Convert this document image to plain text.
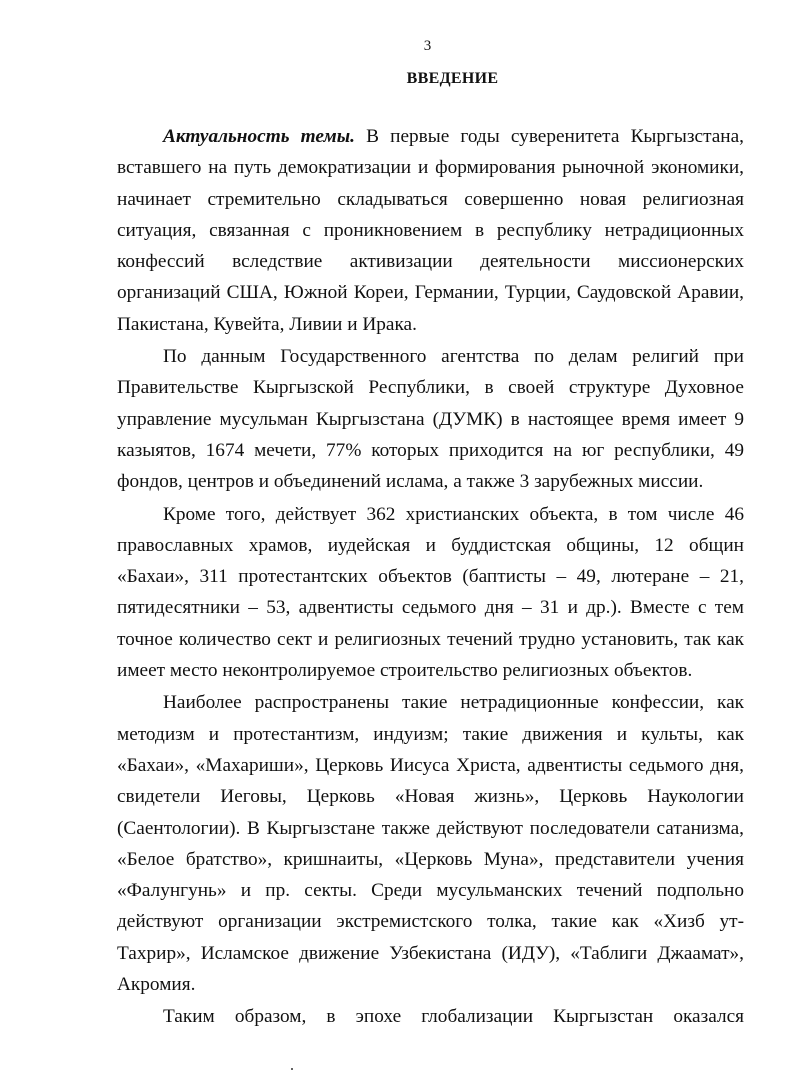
3
ВВЕДЕНИЕ

Актуальность темы. В первые годы суверенитета Кыргызстана, вставшего на путь демократизации и формирования рыночной экономики, начинает стремительно складываться совершенно новая религиозная ситуация, связанная с проникновением в республику нетрадиционных конфессий вследствие активизации деятельности миссионерских организаций США, Южной Кореи, Германии, Турции, Саудовской Аравии, Пакистана, Кувейта, Ливии и Ирака.

По данным Государственного агентства по делам религий при Правительстве Кыргызской Республики, в своей структуре Духовное управление мусульман Кыргызстана (ДУМК) в настоящее время имеет 9 казыятов, 1674 мечети, 77% которых приходится на юг республики, 49 фондов, центров и объединений ислама, а также 3 зарубежных миссии.

Кроме того, действует 362 христианских объекта, в том числе 46 православных храмов, иудейская и буддистская общины, 12 общин «Бахаи», 311 протестантских объектов (баптисты – 49, лютеране – 21, пятидесятники – 53, адвентисты седьмого дня – 31 и др.). Вместе с тем точное количество сект и религиозных течений трудно установить, так как имеет место неконтролируемое строительство религиозных объектов.

Наиболее распространены такие нетрадиционные конфессии, как методизм и протестантизм, индуизм; такие движения и культы, как «Бахаи», «Махариши», Церковь Иисуса Христа, адвентисты седьмого дня, свидетели Иеговы, Церковь «Новая жизнь», Церковь Наукологии (Саентологии). В Кыргызстане также действуют последователи сатанизма, «Белое братство», кришнаиты, «Церковь Муна», представители учения «Фалунгунь» и пр. секты. Среди мусульманских течений подпольно действуют организации экстремистского толка, такие как «Хизб ут-Тахрир», Исламское движение Узбекистана (ИДУ), «Таблиги Джаамат», Акромия.

Таким образом, в эпохе глобализации Кыргызстан оказался
